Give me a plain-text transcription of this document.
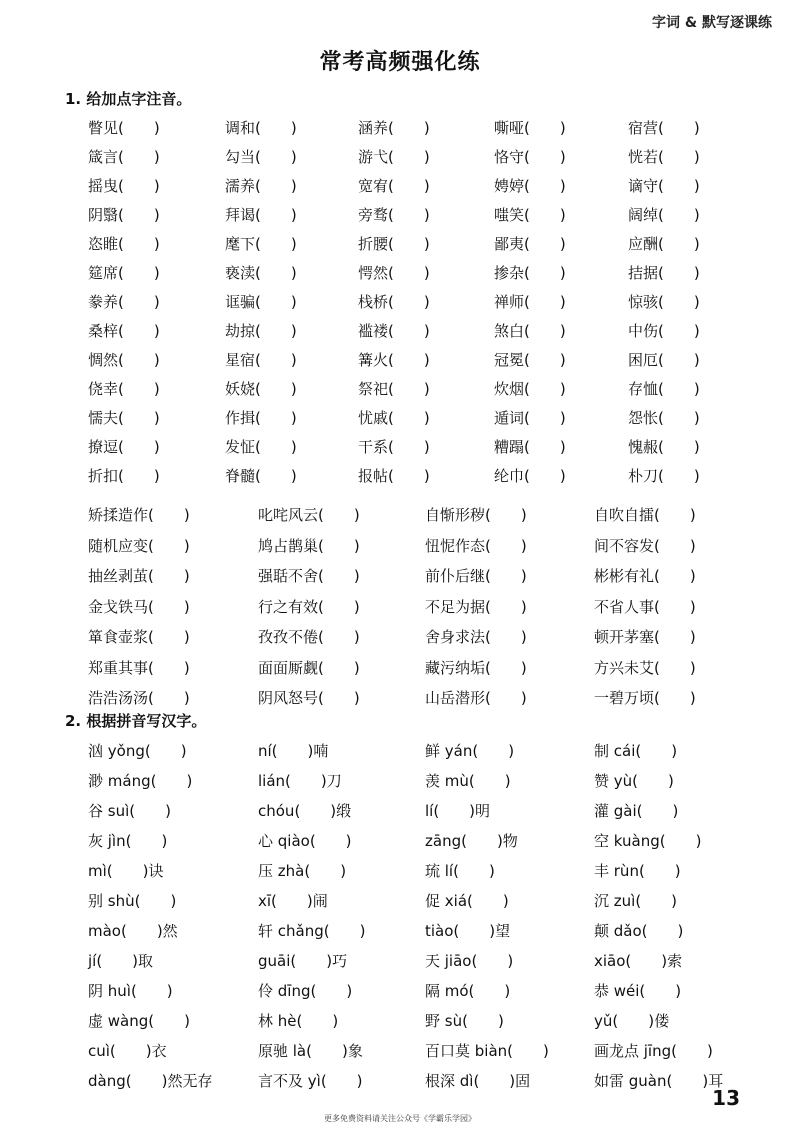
字词 & 默写逐课练
常考高频强化练
1. 给加点字注音。
瞥见(　　)	调和(　　)	涵养(　　)	嘶哑(　　)	宿营(　　)
箴言(　　)	勾当(　　)	游弋(　　)	恪守(　　)	恍若(　　)
摇曳(　　)	濡养(　　)	宽宥(　　)	娉婷(　　)	谪守(　　)
阴翳(　　)	拜谒(　　)	旁骛(　　)	嗤笑(　　)	阔绰(　　)
恣睢(　　)	麾下(　　)	折腰(　　)	鄙夷(　　)	应酬(　　)
筵席(　　)	亵渎(　　)	愕然(　　)	掺杂(　　)	拮据(　　)
豢养(　　)	诓骗(　　)	栈桥(　　)	禅师(　　)	惊骇(　　)
桑梓(　　)	劫掠(　　)	褴褛(　　)	煞白(　　)	中伤(　　)
惆然(　　)	星宿(　　)	篝火(　　)	冠冕(　　)	困厄(　　)
侥幸(　　)	妖娆(　　)	祭祀(　　)	炊烟(　　)	存恤(　　)
懦夫(　　)	作揖(　　)	忧戚(　　)	遁词(　　)	怨怅(　　)
撩逗(　　)	发怔(　　)	干系(　　)	糟蹋(　　)	愧赧(　　)
折扣(　　)	脊髓(　　)	报帖(　　)	纶巾(　　)	朴刀(　　)
矫揉造作(　　)	叱咤风云(　　)	自惭形秽(　　)	自吹自擂(　　)
随机应变(　　)	鸠占鹊巢(　　)	忸怩作态(　　)	间不容发(　　)
抽丝剥茧(　　)	强聒不舍(　　)	前仆后继(　　)	彬彬有礼(　　)
金戈铁马(　　)	行之有效(　　)	不足为据(　　)	不省人事(　　)
箪食壶浆(　　)	孜孜不倦(　　)	舍身求法(　　)	顿开茅塞(　　)
郑重其事(　　)	面面厮觑(　　)	藏污纳垢(　　)	方兴未艾(　　)
浩浩汤汤(　　)	阴风怒号(　　)	山岳潜形(　　)	一碧万顷(　　)
2. 根据拼音写汉字。
汹 yǒng(　　)	ní(　　)喃	鲜 yán(　　)	制 cái(　　)
渺 máng(　　)	lián(　　)刀	羡 mù(　　)	赞 yù(　　)
谷 suì(　　)	chóu(　　)缎	lí(　　)明	灌 gài(　　)
灰 jìn(　　)	心 qiào(　　)	zāng(　　)物	空 kuàng(　　)
mì(　　)诀	压 zhà(　　)	琉 lí(　　)	丰 rùn(　　)
别 shù(　　)	xī(　　)闹	促 xiá(　　)	沉 zuì(　　)
mào(　　)然	轩 chǎng(　　)	tiào(　　)望	颠 dǎo(　　)
jí(　　)取	guāi(　　)巧	天 jiāo(　　)	xiāo(　　)索
阴 huì(　　)	伶 dīng(　　)	隔 mó(　　)	恭 wéi(　　)
虚 wàng(　　)	林 hè(　　)	野 sù(　　)	yǔ(　　)偻
cuì(　　)衣	原驰 là(　　)象	百口莫 biàn(　　)	画龙点 jīng(　　)
dàng(　　)然无存	言不及 yì(　　)	根深 dì(　　)固	如雷 guàn(　　)耳
13
更多免费资料请关注公众号《学霸乐学园》
